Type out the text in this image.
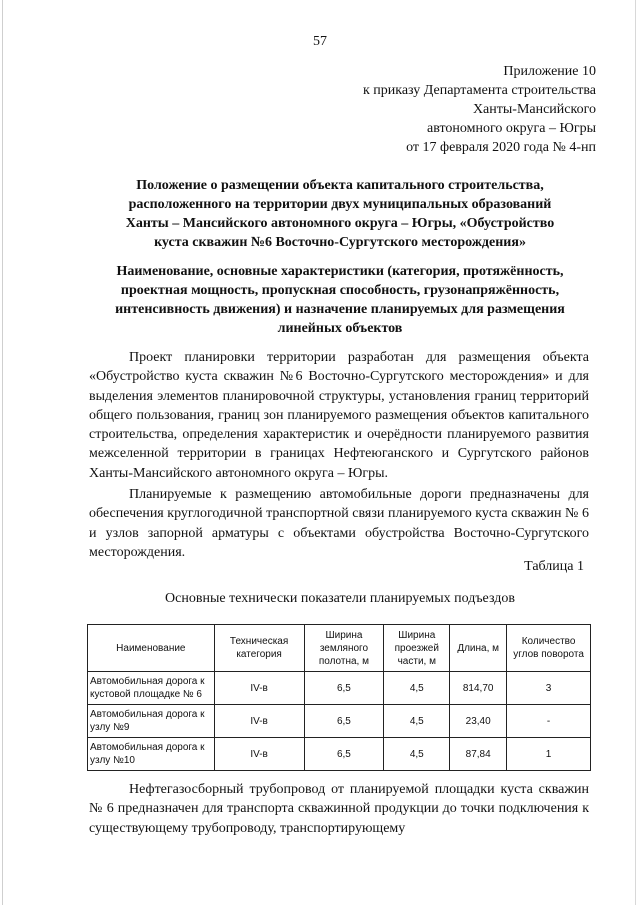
57
Приложение 10
к приказу Департамента строительства
Ханты-Мансийского
автономного округа – Югры
от 17 февраля 2020 года № 4-нп
Положение о размещении объекта капитального строительства,
расположенного на территории двух муниципальных образований
Ханты – Мансийского автономного округа – Югры, «Обустройство
куста скважин №6 Восточно-Сургутского месторождения»
Наименование, основные характеристики (категория, протяжённость,
проектная мощность, пропускная способность, грузонапряжённость,
интенсивность движения) и назначение планируемых для размещения
линейных объектов
Проект планировки территории разработан для размещения объекта «Обустройство куста скважин №6 Восточно-Сургутского месторождения» и для выделения элементов планировочной структуры, установления границ территорий общего пользования, границ зон планируемого размещения объектов капитального строительства, определения характеристик и очерёдности планируемого развития межселенной территории в границах Нефтеюганского и Сургутского районов Ханты-Мансийского автономного округа – Югры.
Планируемые к размещению автомобильные дороги предназначены для обеспечения круглогодичной транспортной связи планируемого куста скважин № 6 и узлов запорной арматуры с объектами обустройства Восточно-Сургутского месторождения.
Таблица 1
Основные технически показатели планируемых подъездов
Наименование	Техническая категория	Ширина земляного полотна, м	Ширина проезжей части, м	Длина, м	Количество углов поворота
Автомобильная дорога к кустовой площадке № 6	IV-в	6,5	4,5	814,70	3
Автомобильная дорога к узлу №9	IV-в	6,5	4,5	23,40	-
Автомобильная дорога к узлу №10	IV-в	6,5	4,5	87,84	1
Нефтегазосборный трубопровод от планируемой площадки куста скважин № 6 предназначен для транспорта скважинной продукции до точки подключения к существующему трубопроводу, транспортирующему
